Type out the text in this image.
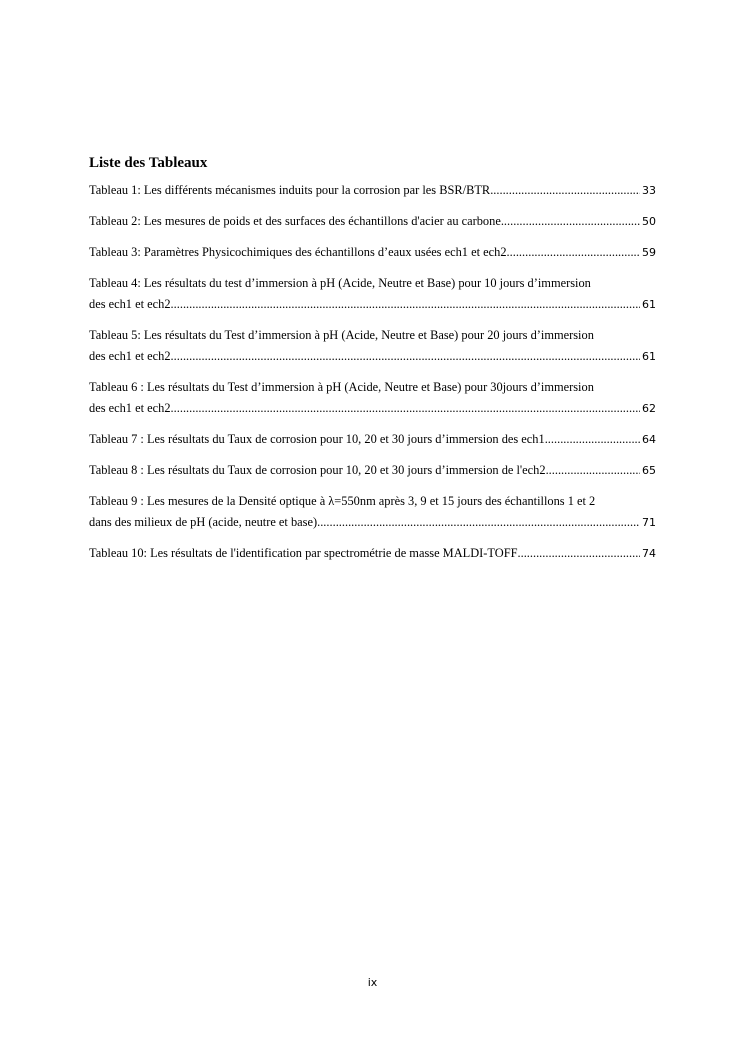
Liste des Tableaux
Tableau 1: Les différents mécanismes induits pour la corrosion par les BSR/BTR .....	33
Tableau 2: Les mesures de poids et des surfaces des échantillons d'acier au carbone .....	50
Tableau 3: Paramètres Physicochimiques des échantillons d’eaux usées ech1 et ech2 .....	59
Tableau 4: Les résultats du test d’immersion à pH (Acide, Neutre et Base) pour 10 jours d’immersion
des ech1 et ech2 .....	61
Tableau 5: Les résultats du Test d’immersion à pH (Acide, Neutre et Base) pour 20 jours d’immersion
des ech1 et ech2 .....	61
Tableau 6 : Les résultats du Test d’immersion à pH (Acide, Neutre et Base) pour 30jours d’immersion
des ech1 et ech2 .....	62
Tableau 7 : Les résultats du Taux de corrosion pour 10, 20 et 30 jours d’immersion des ech1 .....	64
Tableau 8 : Les résultats du Taux de corrosion pour 10, 20 et 30 jours d’immersion de l'ech2 .....	65
Tableau 9 : Les mesures de la Densité optique à λ=550nm après 3, 9 et 15 jours des échantillons 1 et 2
dans des milieux de pH (acide, neutre et base) .....	71
Tableau 10: Les résultats de l'identification par spectrométrie de masse MALDI-TOFF .....	74
ix
